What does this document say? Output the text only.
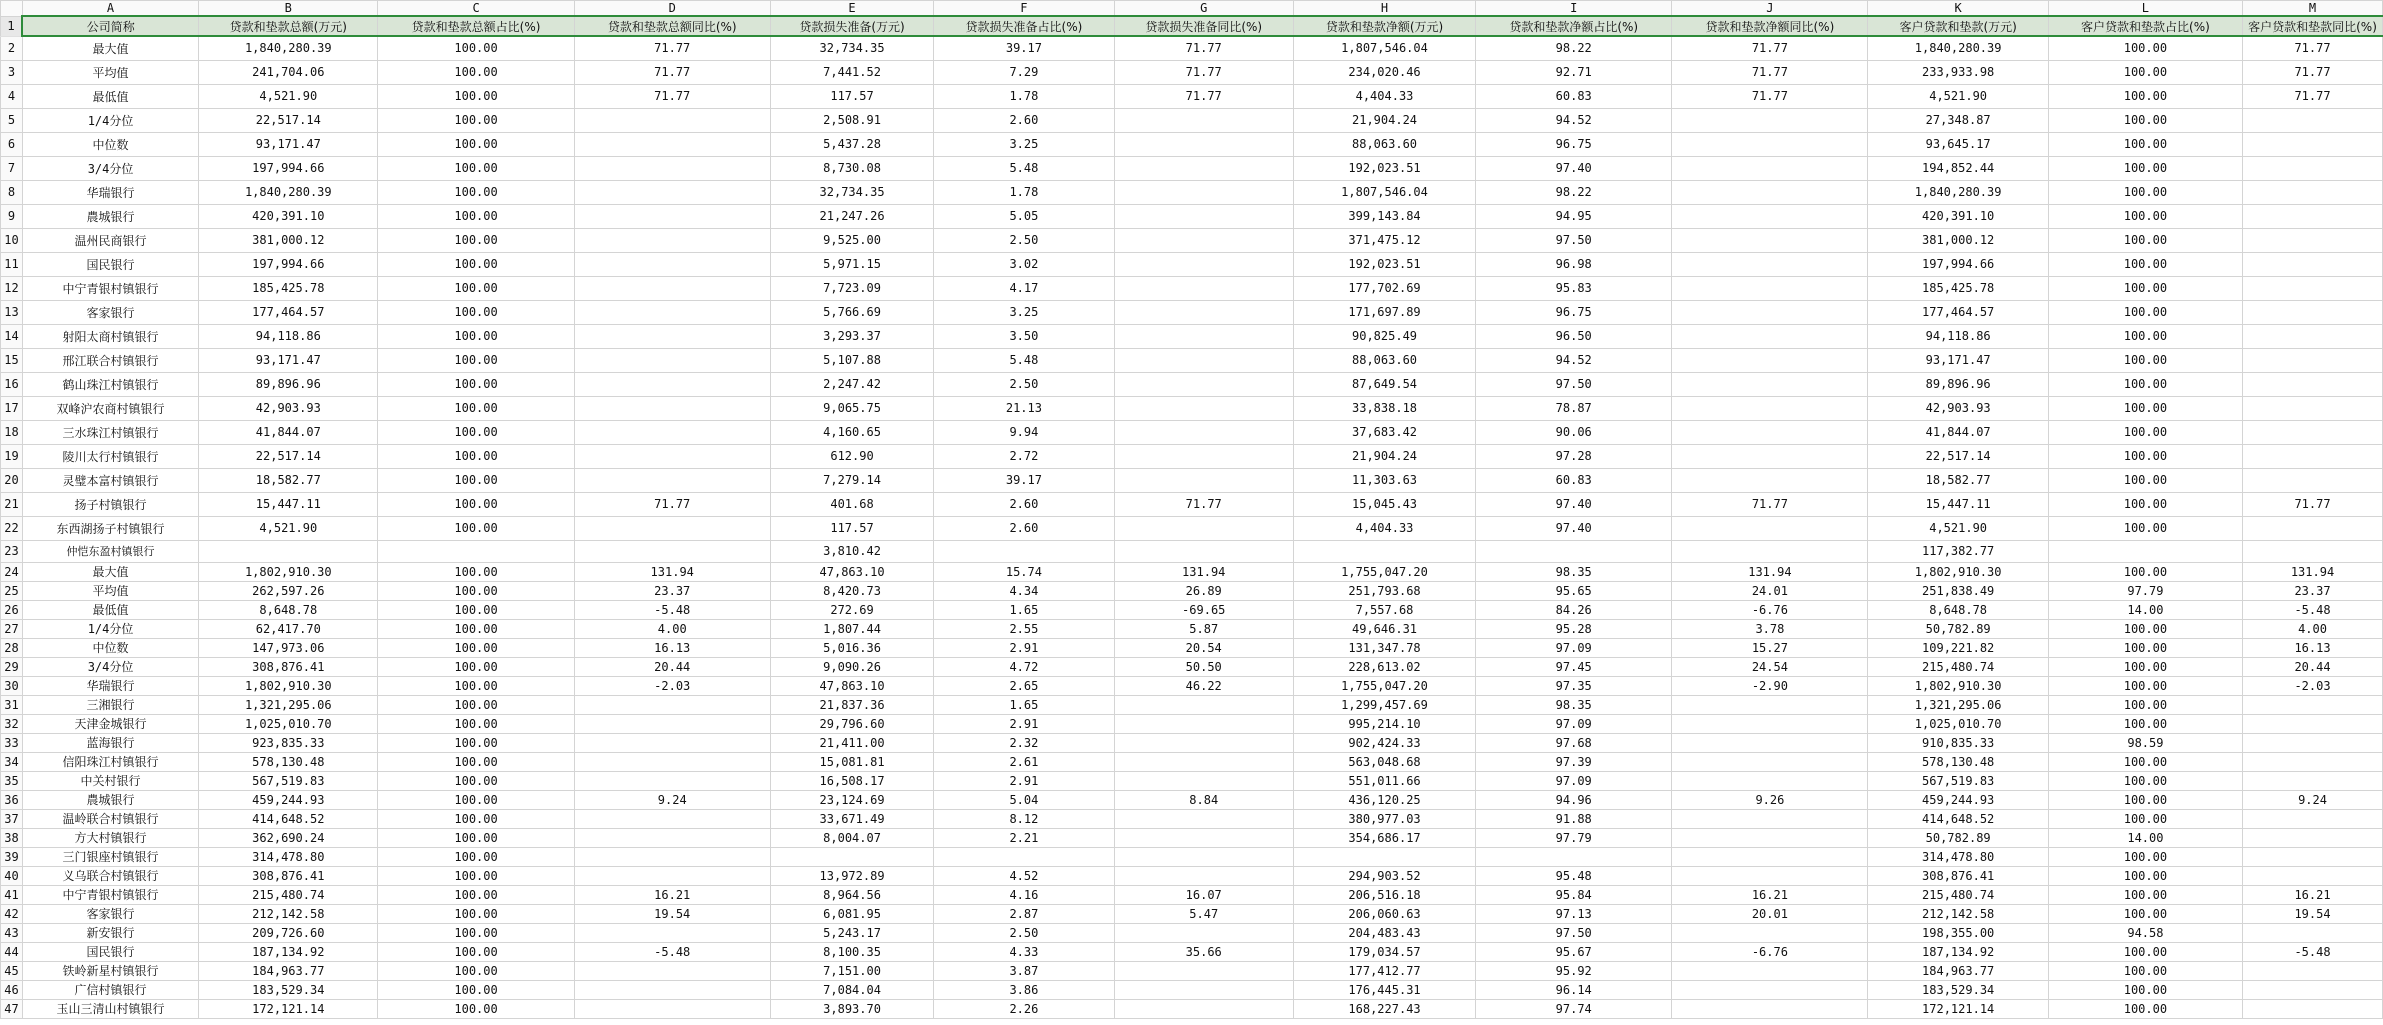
	A	B	C	D	E	F	G	H	I	J	K	L	M
1	公司简称	贷款和垫款总额(万元)	贷款和垫款总额占比(%)	贷款和垫款总额同比(%)	贷款损失准备(万元)	贷款损失准备占比(%)	贷款损失准备同比(%)	贷款和垫款净额(万元)	贷款和垫款净额占比(%)	贷款和垫款净额同比(%)	客户贷款和垫款(万元)	客户贷款和垫款占比(%)	客户贷款和垫款同比(%)
2	最大值	1,840,280.39	100.00	71.77	32,734.35	39.17	71.77	1,807,546.04	98.22	71.77	1,840,280.39	100.00	71.77
3	平均值	241,704.06	100.00	71.77	7,441.52	7.29	71.77	234,020.46	92.71	71.77	233,933.98	100.00	71.77
4	最低值	4,521.90	100.00	71.77	117.57	1.78	71.77	4,404.33	60.83	71.77	4,521.90	100.00	71.77
5	1/4分位	22,517.14	100.00		2,508.91	2.60		21,904.24	94.52		27,348.87	100.00	
6	中位数	93,171.47	100.00		5,437.28	3.25		88,063.60	96.75		93,645.17	100.00	
7	3/4分位	197,994.66	100.00		8,730.08	5.48		192,023.51	97.40		194,852.44	100.00	
8	华瑞银行	1,840,280.39	100.00		32,734.35	1.78		1,807,546.04	98.22		1,840,280.39	100.00	
9	農城银行	420,391.10	100.00		21,247.26	5.05		399,143.84	94.95		420,391.10	100.00	
10	温州民商银行	381,000.12	100.00		9,525.00	2.50		371,475.12	97.50		381,000.12	100.00	
11	国民银行	197,994.66	100.00		5,971.15	3.02		192,023.51	96.98		197,994.66	100.00	
12	中宁青银村镇银行	185,425.78	100.00		7,723.09	4.17		177,702.69	95.83		185,425.78	100.00	
13	客家银行	177,464.57	100.00		5,766.69	3.25		171,697.89	96.75		177,464.57	100.00	
14	射阳太商村镇银行	94,118.86	100.00		3,293.37	3.50		90,825.49	96.50		94,118.86	100.00	
15	邢江联合村镇银行	93,171.47	100.00		5,107.88	5.48		88,063.60	94.52		93,171.47	100.00	
16	鹤山珠江村镇银行	89,896.96	100.00		2,247.42	2.50		87,649.54	97.50		89,896.96	100.00	
17	双峰沪农商村镇银行	42,903.93	100.00		9,065.75	21.13		33,838.18	78.87		42,903.93	100.00	
18	三水珠江村镇银行	41,844.07	100.00		4,160.65	9.94		37,683.42	90.06		41,844.07	100.00	
19	陵川太行村镇银行	22,517.14	100.00		612.90	2.72		21,904.24	97.28		22,517.14	100.00	
20	灵璧本富村镇银行	18,582.77	100.00		7,279.14	39.17		11,303.63	60.83		18,582.77	100.00	
21	扬子村镇银行	15,447.11	100.00	71.77	401.68	2.60	71.77	15,045.43	97.40	71.77	15,447.11	100.00	71.77
22	东西湖扬子村镇银行	4,521.90	100.00		117.57	2.60		4,404.33	97.40		4,521.90	100.00	
23	仲恺东盈村镇银行				3,810.42						117,382.77		
24	最大值	1,802,910.30	100.00	131.94	47,863.10	15.74	131.94	1,755,047.20	98.35	131.94	1,802,910.30	100.00	131.94
25	平均值	262,597.26	100.00	23.37	8,420.73	4.34	26.89	251,793.68	95.65	24.01	251,838.49	97.79	23.37
26	最低值	8,648.78	100.00	-5.48	272.69	1.65	-69.65	7,557.68	84.26	-6.76	8,648.78	14.00	-5.48
27	1/4分位	62,417.70	100.00	4.00	1,807.44	2.55	5.87	49,646.31	95.28	3.78	50,782.89	100.00	4.00
28	中位数	147,973.06	100.00	16.13	5,016.36	2.91	20.54	131,347.78	97.09	15.27	109,221.82	100.00	16.13
29	3/4分位	308,876.41	100.00	20.44	9,090.26	4.72	50.50	228,613.02	97.45	24.54	215,480.74	100.00	20.44
30	华瑞银行	1,802,910.30	100.00	-2.03	47,863.10	2.65	46.22	1,755,047.20	97.35	-2.90	1,802,910.30	100.00	-2.03
31	三湘银行	1,321,295.06	100.00		21,837.36	1.65		1,299,457.69	98.35		1,321,295.06	100.00	
32	天津金城银行	1,025,010.70	100.00		29,796.60	2.91		995,214.10	97.09		1,025,010.70	100.00	
33	蓝海银行	923,835.33	100.00		21,411.00	2.32		902,424.33	97.68		910,835.33	98.59	
34	信阳珠江村镇银行	578,130.48	100.00		15,081.81	2.61		563,048.68	97.39		578,130.48	100.00	
35	中关村银行	567,519.83	100.00		16,508.17	2.91		551,011.66	97.09		567,519.83	100.00	
36	農城银行	459,244.93	100.00	9.24	23,124.69	5.04	8.84	436,120.25	94.96	9.26	459,244.93	100.00	9.24
37	温岭联合村镇银行	414,648.52	100.00		33,671.49	8.12		380,977.03	91.88		414,648.52	100.00	
38	方大村镇银行	362,690.24	100.00		8,004.07	2.21		354,686.17	97.79		50,782.89	14.00	
39	三门银座村镇银行	314,478.80	100.00								314,478.80	100.00	
40	义乌联合村镇银行	308,876.41	100.00		13,972.89	4.52		294,903.52	95.48		308,876.41	100.00	
41	中宁青银村镇银行	215,480.74	100.00	16.21	8,964.56	4.16	16.07	206,516.18	95.84	16.21	215,480.74	100.00	16.21
42	客家银行	212,142.58	100.00	19.54	6,081.95	2.87	5.47	206,060.63	97.13	20.01	212,142.58	100.00	19.54
43	新安银行	209,726.60	100.00		5,243.17	2.50		204,483.43	97.50		198,355.00	94.58	
44	国民银行	187,134.92	100.00	-5.48	8,100.35	4.33	35.66	179,034.57	95.67	-6.76	187,134.92	100.00	-5.48
45	铁岭新星村镇银行	184,963.77	100.00		7,151.00	3.87		177,412.77	95.92		184,963.77	100.00	
46	广信村镇银行	183,529.34	100.00		7,084.04	3.86		176,445.31	96.14		183,529.34	100.00	
47	玉山三清山村镇银行	172,121.14	100.00		3,893.70	2.26		168,227.43	97.74		172,121.14	100.00	
